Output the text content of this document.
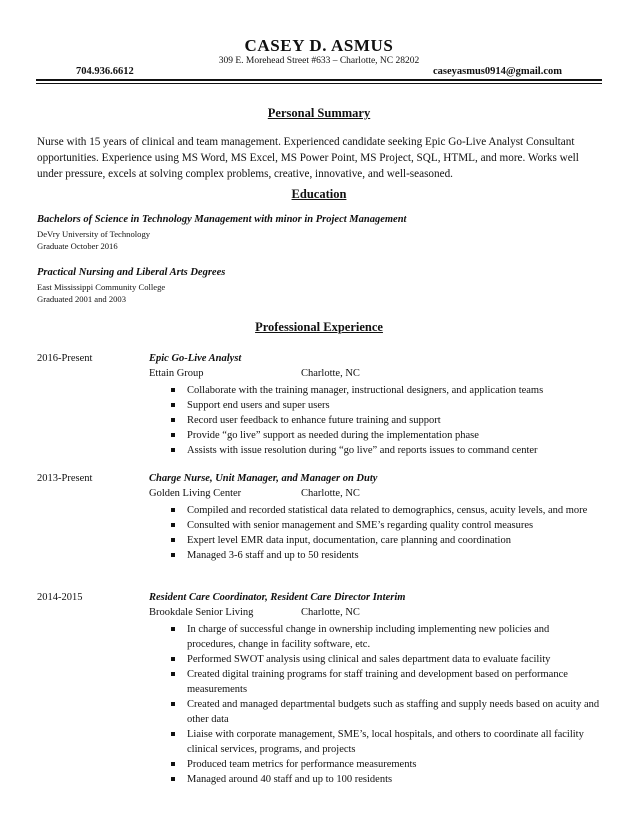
CASEY D. ASMUS
309 E. Morehead Street #633 – Charlotte, NC 28202
704.936.6612	caseyasmus0914@gmail.com
Personal Summary
Nurse with 15 years of clinical and team management. Experienced candidate seeking Epic Go-Live Analyst Consultant opportunities. Experience using MS Word, MS Excel, MS Power Point, MS Project, SQL, HTML, and more. Works well under pressure, excels at solving complex problems, creative, innovative, and well-seasoned.
Education
Bachelors of Science in Technology Management with minor in Project Management
DeVry University of Technology
Graduate October 2016
Practical Nursing and Liberal Arts Degrees
East Mississippi Community College
Graduated 2001 and 2003
Professional Experience
2016-Present	Epic Go-Live Analyst
Ettain Group	Charlotte, NC
Collaborate with the training manager, instructional designers, and application teams
Support end users and super users
Record user feedback to enhance future training and support
Provide “go live” support as needed during the implementation phase
Assists with issue resolution during “go live” and reports issues to command center
2013-Present	Charge Nurse, Unit Manager, and Manager on Duty
Golden Living Center	Charlotte, NC
Compiled and recorded statistical data related to demographics, census, acuity levels, and more
Consulted with senior management and SME’s regarding quality control measures
Expert level EMR data input, documentation, care planning and coordination
Managed 3-6 staff and up to 50 residents
2014-2015	Resident Care Coordinator, Resident Care Director Interim
Brookdale Senior Living	Charlotte, NC
In charge of successful change in ownership including implementing new policies and procedures, change in facility software, etc.
Performed SWOT analysis using clinical and sales department data to evaluate facility
Created digital training programs for staff training and development based on performance measurements
Created and managed departmental budgets such as staffing and supply needs based on acuity and other data
Liaise with corporate management, SME’s, local hospitals, and others to coordinate all facility clinical services, programs, and projects
Produced team metrics for performance measurements
Managed around 40 staff and up to 100 residents
